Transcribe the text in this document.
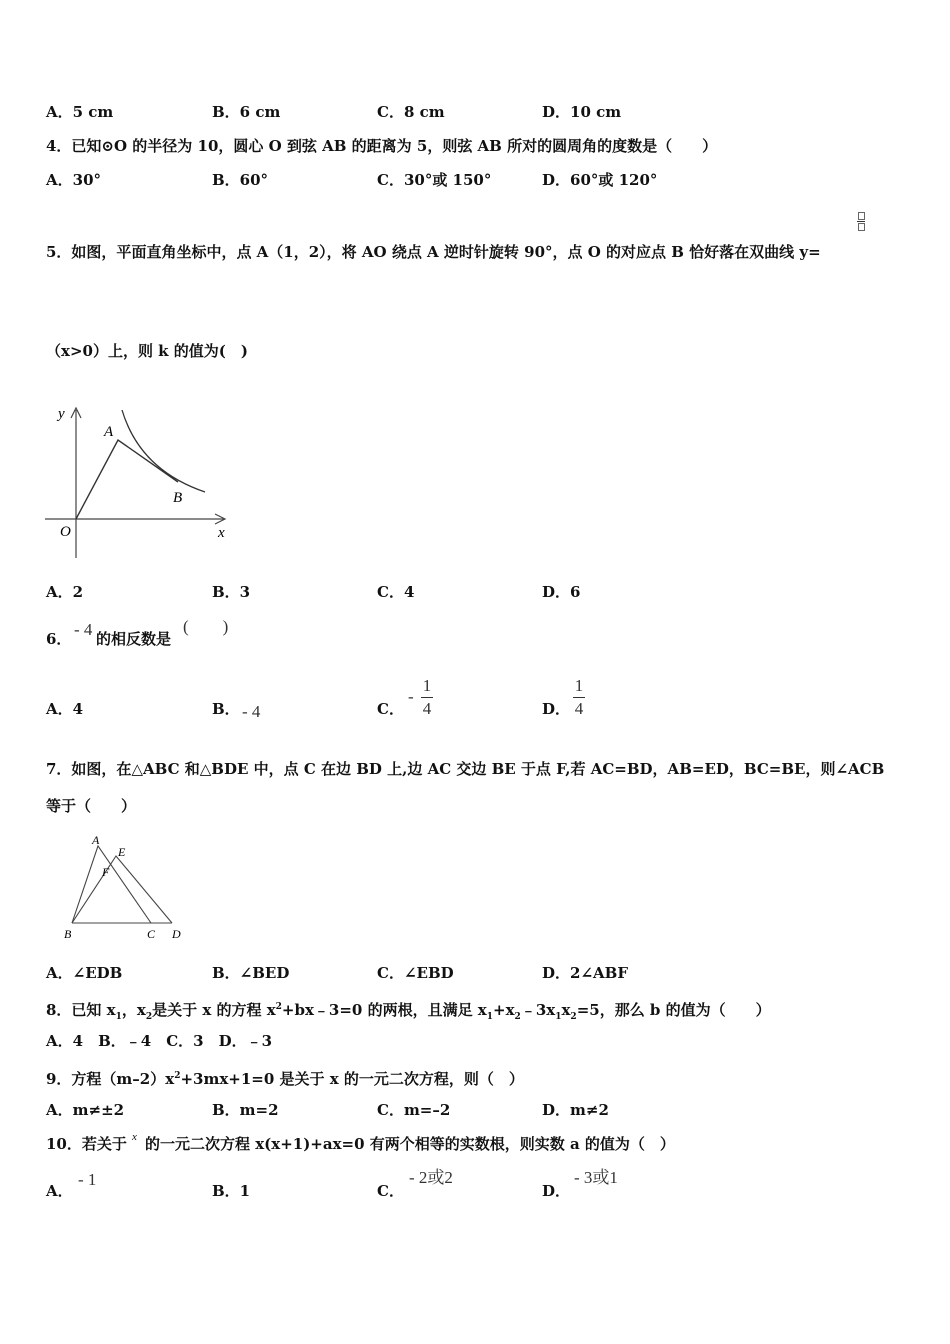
A．5 cm	B．6 cm	C．8 cm	D．10 cm
4．已知⊙O 的半径为 10，圆心 O 到弦 AB 的距离为 5，则弦 AB 所对的圆周角的度数是（　　）
A．30°	B．60°	C．30°或 150°	D．60°或 120°
5．如图，平面直角坐标中，点 A（1，2），将 AO 绕点 A 逆时针旋转 90°，点 O 的对应点 B 恰好落在双曲线 y=
（x>0）上，则 k 的值为(　)
y
x
O
A
B
A．2	B．3	C．4	D．6
6． - 4 的相反数是
(　　)
A．4	B． - 4	C．
-
1
4	D．
1
4
7．如图，在△ABC 和△BDE 中，点 C 在边 BD 上,边 AC 交边 BE 于点 F,若 AC=BD，AB=ED，BC=BE，则∠ACB
等于（　　）
A
E
F
B	C D
A．∠EDB	B．∠BED	C．∠EBD	D．2∠ABF
8．已知 $x_1$，$x_2$是关于 x 的方程 $x^2+bx﹣3=0$ 的两根，且满足 $x_1+x_2﹣3x_1x_2=5$，那么 b 的值为（　　）
A．4　B．﹣4　C．3　D．﹣3
9．方程$(m-2)x^2+3mx+1=0$ 是关于 x 的一元二次方程，则（　）
A．m≠±2	B．m=2	C．m=–2	D．m≠2
10．若关于 x 的一元二次方程 x(x+1)+ax=0 有两个相等的实数根，则实数 a 的值为（　）
A．
- 1
B．1	C．
- 2或2
D．
- 3或1
